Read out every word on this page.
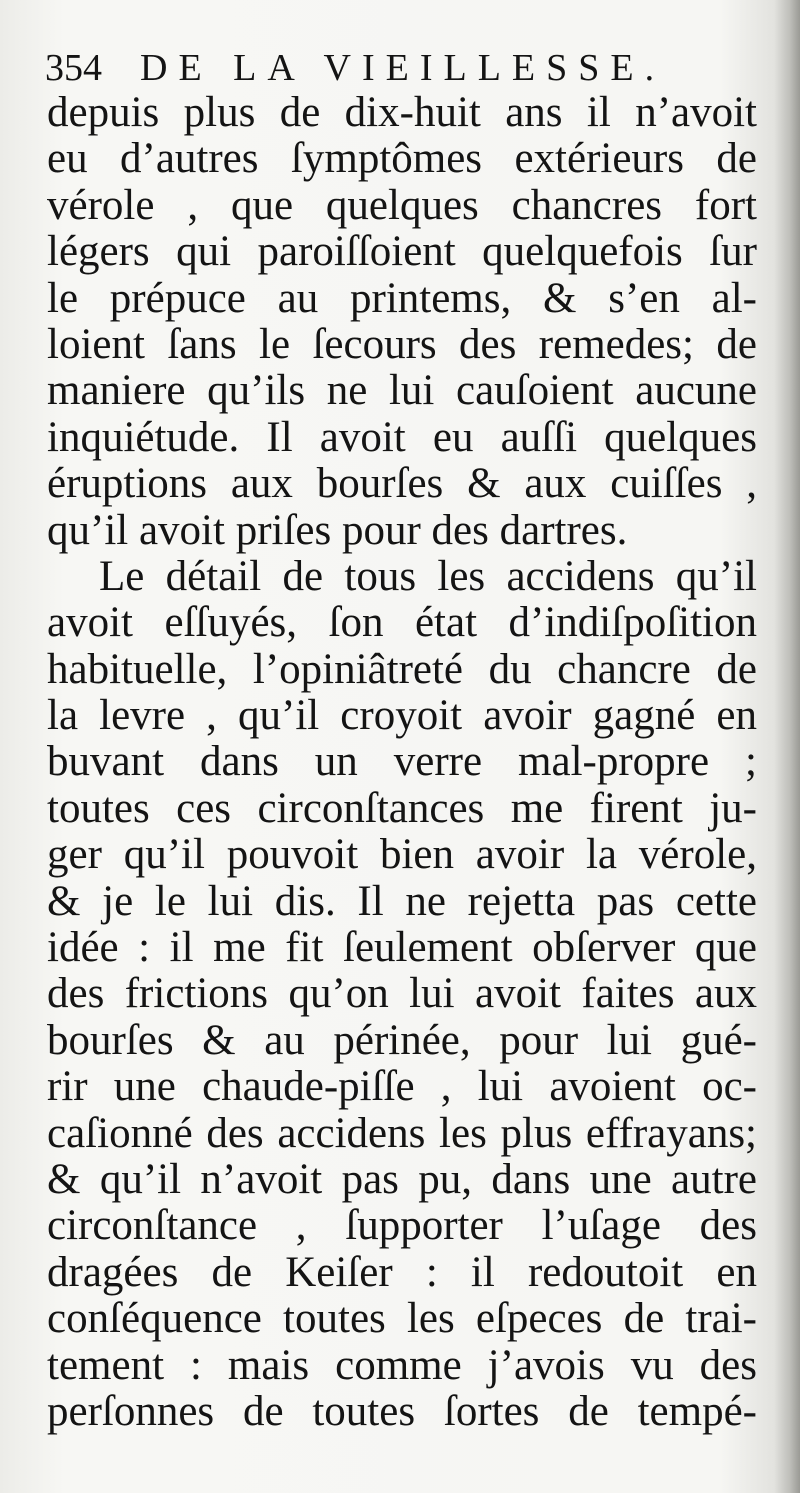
354 DE LA VIEILLESSE.
depuis plus de dix-huit ans il n’avoit
eu d’autres ſymptômes extérieurs de
vérole , que quelques chancres fort
légers qui paroiſſoient quelquefois ſur
le prépuce au printems, & s’en al-
loient ſans le ſecours des remedes; de
maniere qu’ils ne lui cauſoient aucune
inquiétude. Il avoit eu auſſi quelques
éruptions aux bourſes & aux cuiſſes ,
qu’il avoit priſes pour des dartres.
Le détail de tous les accidens qu’il
avoit eſſuyés, ſon état d’indiſpoſition
habituelle, l’opiniâtreté du chancre de
la levre , qu’il croyoit avoir gagné en
buvant dans un verre mal-propre ;
toutes ces circonſtances me firent ju-
ger qu’il pouvoit bien avoir la vérole,
& je le lui dis. Il ne rejetta pas cette
idée : il me fit ſeulement obſerver que
des frictions qu’on lui avoit faites aux
bourſes & au périnée, pour lui gué-
rir une chaude-piſſe , lui avoient oc-
caſionné des accidens les plus effrayans;
& qu’il n’avoit pas pu, dans une autre
circonſtance , ſupporter l’uſage des
dragées de Keiſer : il redoutoit en
conſéquence toutes les eſpeces de trai-
tement : mais comme j’avois vu des
perſonnes de toutes ſortes de tempé-
